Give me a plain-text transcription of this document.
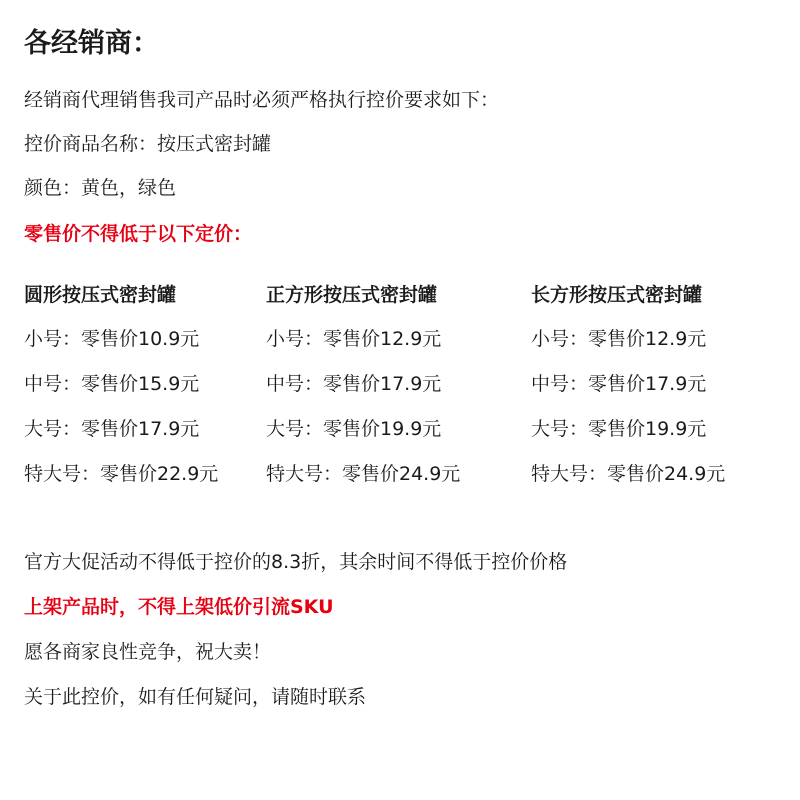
各经销商：
经销商代理销售我司产品时必须严格执行控价要求如下：
控价商品名称：按压式密封罐
颜色：黄色，绿色
零售价不得低于以下定价：
圆形按压式密封罐
小号：零售价10.9元
中号：零售价15.9元
大号：零售价17.9元
特大号：零售价22.9元
正方形按压式密封罐
小号：零售价12.9元
中号：零售价17.9元
大号：零售价19.9元
特大号：零售价24.9元
长方形按压式密封罐
小号：零售价12.9元
中号：零售价17.9元
大号：零售价19.9元
特大号：零售价24.9元
官方大促活动不得低于控价的8.3折，其余时间不得低于控价价格
上架产品时，不得上架低价引流SKU
愿各商家良性竞争，祝大卖！
关于此控价，如有任何疑问，请随时联系
